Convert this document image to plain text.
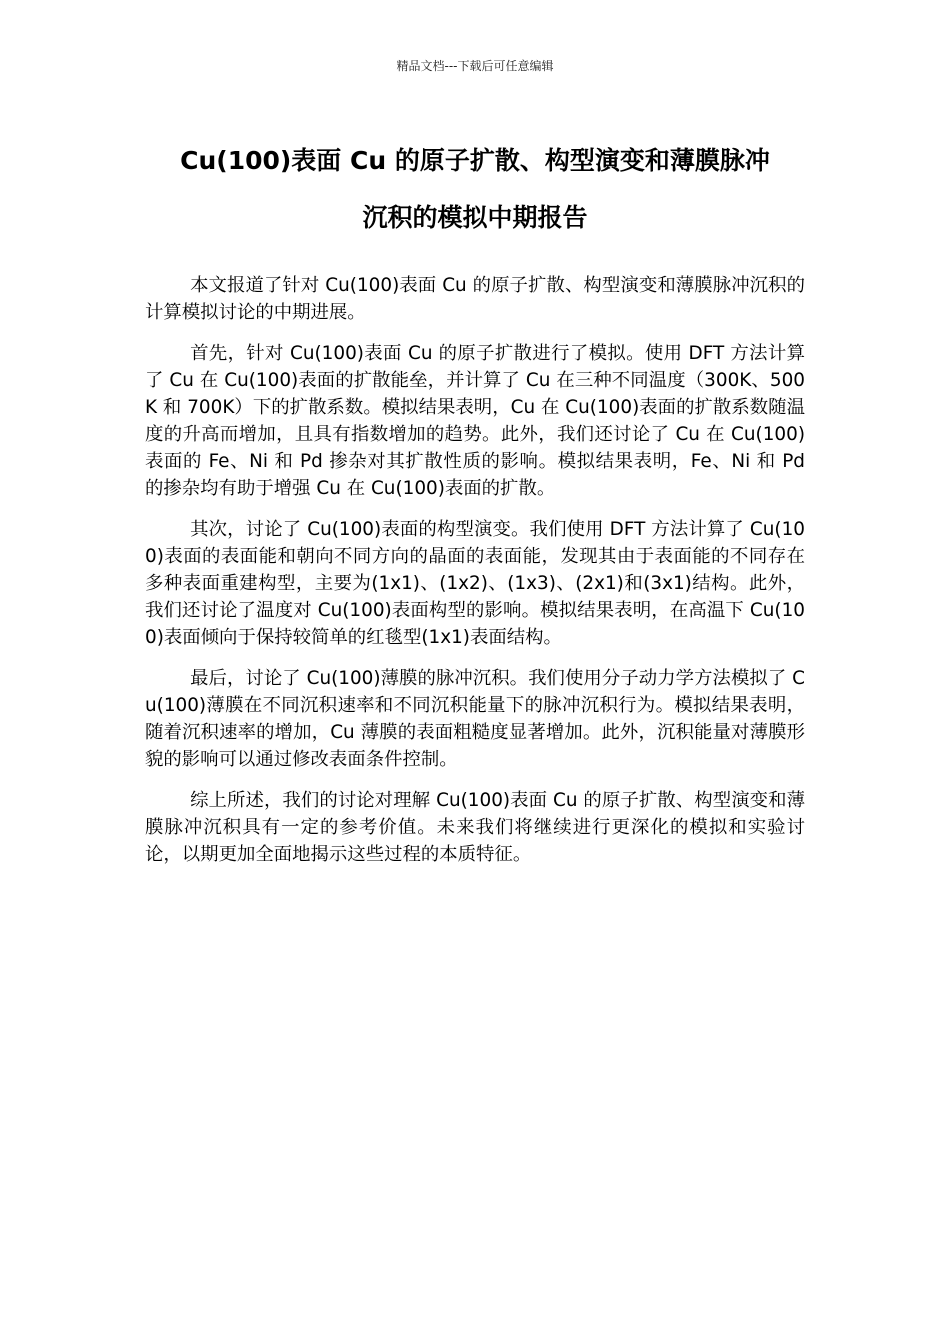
精品文档---下载后可任意编辑
Cu(100)表面 Cu 的原子扩散、构型演变和薄膜脉冲
沉积的模拟中期报告

本文报道了针对 Cu(100)表面 Cu 的原子扩散、构型演变和薄膜脉冲沉积的计算模拟讨论的中期进展。

首先，针对 Cu(100)表面 Cu 的原子扩散进行了模拟。使用 DFT 方法计算了 Cu 在 Cu(100)表面的扩散能垒，并计算了 Cu 在三种不同温度（300K、500K 和 700K）下的扩散系数。模拟结果表明，Cu 在 Cu(100)表面的扩散系数随温度的升高而增加，且具有指数增加的趋势。此外，我们还讨论了 Cu 在 Cu(100)表面的 Fe、Ni 和 Pd 掺杂对其扩散性质的影响。模拟结果表明，Fe、Ni 和 Pd 的掺杂均有助于增强 Cu 在 Cu(100)表面的扩散。

其次，讨论了 Cu(100)表面的构型演变。我们使用 DFT 方法计算了 Cu(100)表面的表面能和朝向不同方向的晶面的表面能，发现其由于表面能的不同存在多种表面重建构型，主要为(1x1)、(1x2)、(1x3)、(2x1)和(3x1)结构。此外，我们还讨论了温度对 Cu(100)表面构型的影响。模拟结果表明，在高温下 Cu(100)表面倾向于保持较简单的红毯型(1x1)表面结构。

最后，讨论了 Cu(100)薄膜的脉冲沉积。我们使用分子动力学方法模拟了 Cu(100)薄膜在不同沉积速率和不同沉积能量下的脉冲沉积行为。模拟结果表明，随着沉积速率的增加，Cu 薄膜的表面粗糙度显著增加。此外，沉积能量对薄膜形貌的影响可以通过修改表面条件控制。

综上所述，我们的讨论对理解 Cu(100)表面 Cu 的原子扩散、构型演变和薄膜脉冲沉积具有一定的参考价值。未来我们将继续进行更深化的模拟和实验讨论，以期更加全面地揭示这些过程的本质特征。
